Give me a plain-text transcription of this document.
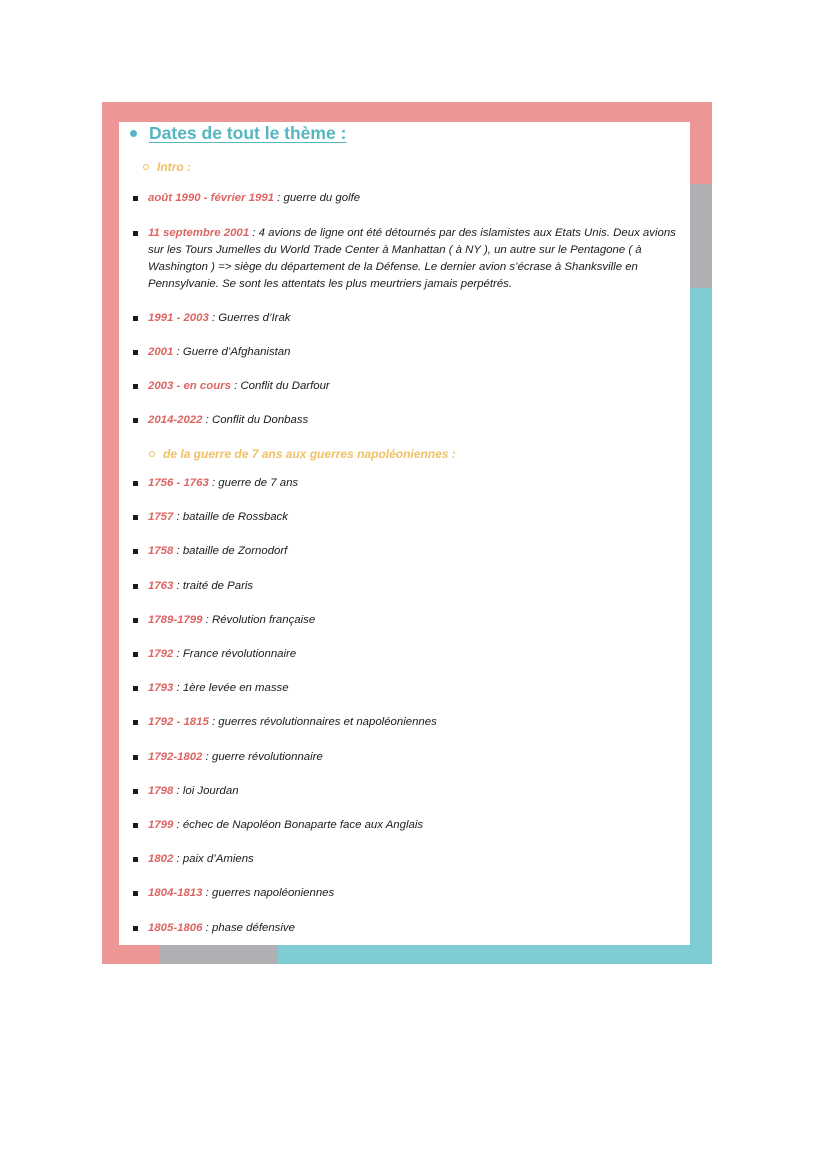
Dates de tout le thème :
Intro :
août 1990 - février 1991 : guerre du golfe
11 septembre 2001 : 4 avions de ligne ont été détournés par des islamistes aux Etats Unis. Deux avions sur les Tours Jumelles du World Trade Center à Manhattan ( à NY ), un autre sur le Pentagone ( à Washington ) => siège du département de la Défense. Le dernier avion s’écrase à Shanksville en Pennsylvanie. Se sont les attentats les plus meurtriers jamais perpétrés.
1991 - 2003 : Guerres d’Irak
2001 : Guerre d’Afghanistan
2003 - en cours : Conflit du Darfour
2014-2022 : Conflit du Donbass
de la guerre de 7 ans aux guerres napoléoniennes :
1756 - 1763 : guerre de 7 ans
1757 : bataille de Rossback
1758 : bataille de Zornodorf
1763 : traité de Paris
1789-1799 : Révolution française
1792 : France révolutionnaire
1793 : 1ère levée en masse
1792 - 1815 : guerres révolutionnaires et napoléoniennes
1792-1802 : guerre révolutionnaire
1798 : loi Jourdan
1799 : échec de Napoléon Bonaparte face aux Anglais
1802 : paix d’Amiens
1804-1813 : guerres napoléoniennes
1805-1806 : phase défensive
